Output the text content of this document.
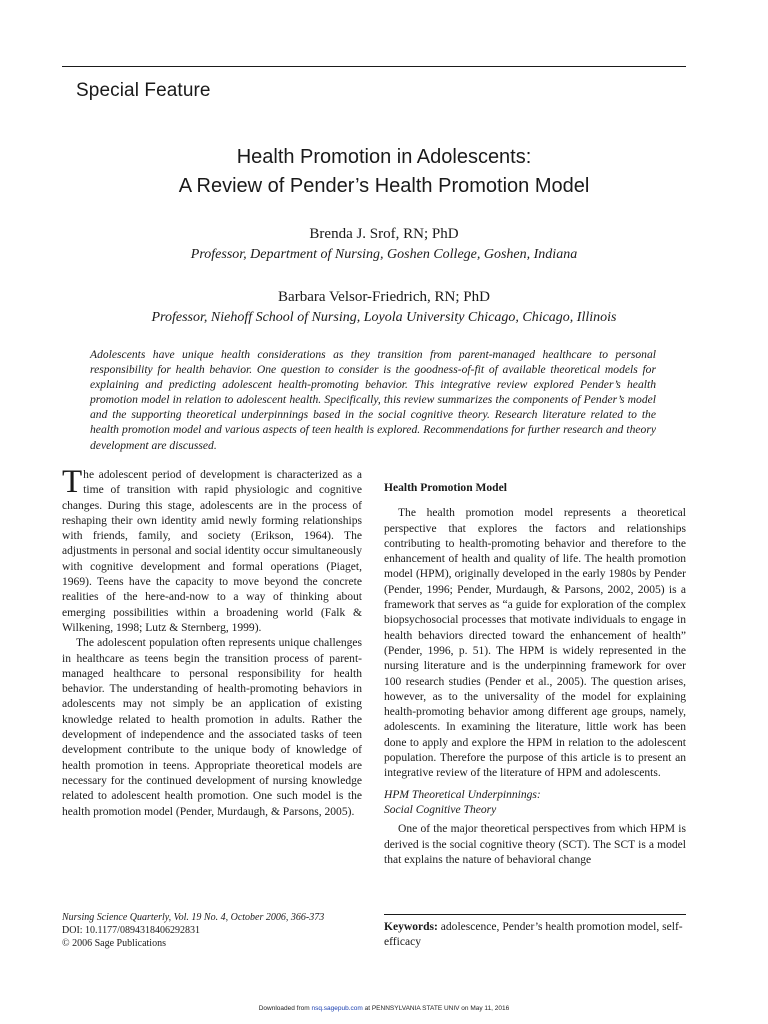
Special Feature
Health Promotion in Adolescents:
A Review of Pender’s Health Promotion Model
Brenda J. Srof, RN; PhD
Professor, Department of Nursing, Goshen College, Goshen, Indiana
Barbara Velsor-Friedrich, RN; PhD
Professor, Niehoff School of Nursing, Loyola University Chicago, Chicago, Illinois

Adolescents have unique health considerations as they transition from parent-managed healthcare to personal responsibility for health behavior. One question to consider is the goodness-of-fit of available theoretical models for explaining and predicting adolescent health-promoting behavior. This integrative review explored Pender’s health promotion model in relation to adolescent health. Specifically, this review summarizes the components of Pender’s model and the supporting theoretical underpinnings based in the social cognitive theory. Research literature related to the health promotion model and various aspects of teen health is explored. Recommendations for further research and theory development are discussed.

The adolescent period of development is characterized as a time of transition with rapid physiologic and cognitive changes. During this stage, adolescents are in the process of reshaping their own identity amid newly forming relationships with friends, family, and society (Erikson, 1964). The adjustments in personal and social identity occur simultaneously with cognitive development and formal operations (Piaget, 1969). Teens have the capacity to move beyond the concrete realities of the here-and-now to a way of thinking about emerging possibilities within a broadening world (Falk & Wilkening, 1998; Lutz & Sternberg, 1999).

The adolescent population often represents unique challenges in healthcare as teens begin the transition process of parent-managed healthcare to personal responsibility for health behavior. The understanding of health-promoting behaviors in adolescents may not simply be an application of existing knowledge related to health promotion in adults. Rather the development of independence and the associated tasks of teen development contribute to the unique body of knowledge of health promotion in teens. Appropriate theoretical models are necessary for the continued development of nursing knowledge related to adolescent health promotion. One such model is the health promotion model (Pender, Murdaugh, & Parsons, 2005).

Health Promotion Model

The health promotion model represents a theoretical perspective that explores the factors and relationships contributing to health-promoting behavior and therefore to the enhancement of health and quality of life. The health promotion model (HPM), originally developed in the early 1980s by Pender (Pender, 1996; Pender, Murdaugh, & Parsons, 2002, 2005) is a framework that serves as “a guide for exploration of the complex biopsychosocial processes that motivate individuals to engage in health behaviors directed toward the enhancement of health” (Pender, 1996, p. 51). The HPM is widely represented in the nursing literature and is the underpinning framework for over 100 research studies (Pender et al., 2005). The question arises, however, as to the universality of the model for explaining health-promoting behavior among different age groups, namely, adolescents. In examining the literature, little work has been done to apply and explore the HPM in relation to the adolescent population. Therefore the purpose of this article is to present an integrative review of the literature of HPM and adolescents.

HPM Theoretical Underpinnings:

Social Cognitive Theory

One of the major theoretical perspectives from which HPM is derived is the social cognitive theory (SCT). The SCT is a model that explains the nature of behavioral change

Nursing Science Quarterly, Vol. 19 No. 4, October 2006, 366-373
DOI: 10.1177/0894318406292831
© 2006 Sage Publications
Keywords: adolescence, Pender’s health promotion model, self-efficacy
Downloaded from nsq.sagepub.com at PENNSYLVANIA STATE UNIV on May 11, 2016
